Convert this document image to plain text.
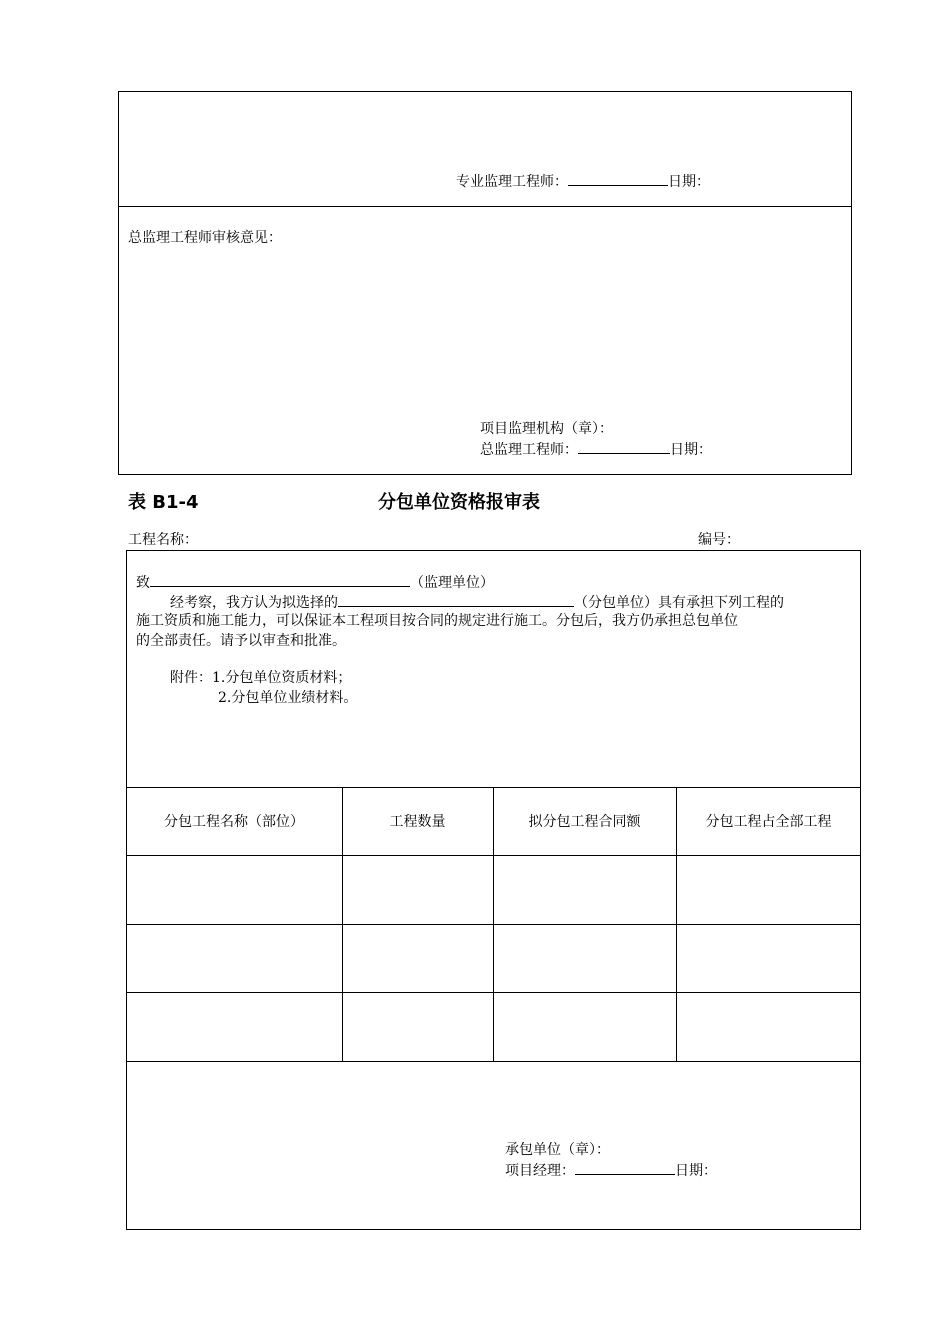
专业监理工程师：	日期：
总监理工程师审核意见：
项目监理机构（章）：
总监理工程师：	日期：
表 B1-4	分包单位资格报审表
工程名称：	编号：
致	（监理单位）
经考察，我方认为拟选择的	（分包单位）具有承担下列工程的
施工资质和施工能力，可以保证本工程项目按合同的规定进行施工。分包后，我方仍承担总包单位
的全部责任。请予以审查和批准。
附件：1.分包单位资质材料；
2.分包单位业绩材料。
分包工程名称（部位）	工程数量	拟分包工程合同额	分包工程占全部工程
承包单位（章）：
项目经理：	日期：
